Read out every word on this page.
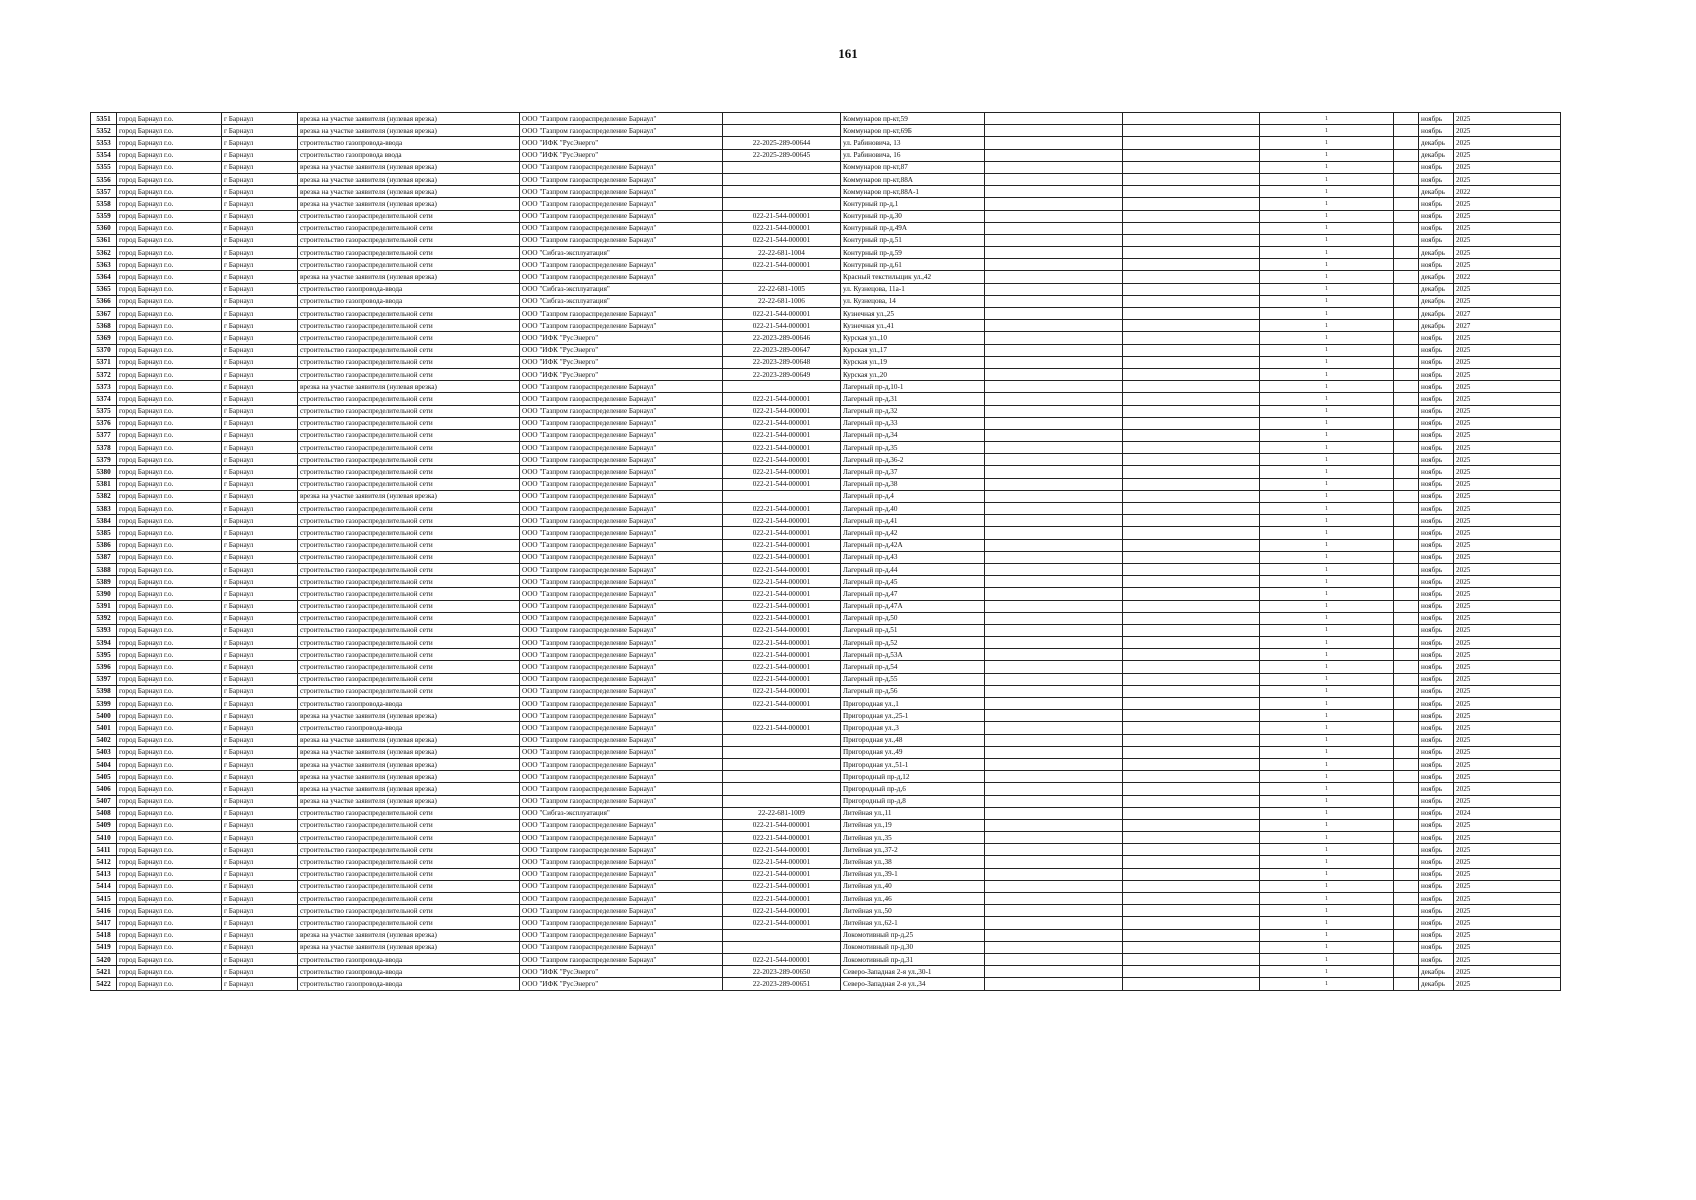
161
5351	город Барнаул г.о.	г Барнаул	врезка на участке заявителя (нулевая врезка)	ООО "Газпром газораспределение Барнаул"		Коммунаров пр-кт,59			1		ноябрь	2025
5352	город Барнаул г.о.	г Барнаул	врезка на участке заявителя (нулевая врезка)	ООО "Газпром газораспределение Барнаул"		Коммунаров пр-кт,69Б			1		ноябрь	2025
5353	город Барнаул г.о.	г Барнаул	строительство газопровода-ввода	ООО "ИФК "РусЭнерго"	22-2025-289-00644	ул. Рабиновича, 13			1		декабрь	2025
5354	город Барнаул г.о.	г Барнаул	строительство газопровода ввода	ООО "ИФК "РусЭнерго"	22-2025-289-00645	ул. Рабиновича, 16			1		декабрь	2025
5355	город Барнаул г.о.	г Барнаул	врезка на участке заявителя (нулевая врезка)	ООО "Газпром газораспределение Барнаул"		Коммунаров пр-кт,87			1		ноябрь	2025
5356	город Барнаул г.о.	г Барнаул	врезка на участке заявителя (нулевая врезка)	ООО "Газпром газораспределение Барнаул"		Коммунаров пр-кт,88А			1		ноябрь	2025
5357	город Барнаул г.о.	г Барнаул	врезка на участке заявителя (нулевая врезка)	ООО "Газпром газораспределение Барнаул"		Коммунаров пр-кт,88А-1			1		декабрь	2022
5358	город Барнаул г.о.	г Барнаул	врезка на участке заявителя (нулевая врезка)	ООО "Газпром газораспределение Барнаул"		Контурный пр-д,1			1		ноябрь	2025
5359	город Барнаул г.о.	г Барнаул	строительство газораспределительной сети	ООО "Газпром газораспределение Барнаул"	022-21-544-000001	Контурный пр-д,30			1		ноябрь	2025
5360	город Барнаул г.о.	г Барнаул	строительство газораспределительной сети	ООО "Газпром газораспределение Барнаул"	022-21-544-000001	Контурный пр-д,49А			1		ноябрь	2025
5361	город Барнаул г.о.	г Барнаул	строительство газораспределительной сети	ООО "Газпром газораспределение Барнаул"	022-21-544-000001	Контурный пр-д,51			1		ноябрь	2025
5362	город Барнаул г.о.	г Барнаул	строительство газораспределительной сети	ООО "Сибгаз-эксплуатация"	22-22-681-1004	Контурный пр-д,59			1		декабрь	2025
5363	город Барнаул г.о.	г Барнаул	строительство газораспределительной сети	ООО "Газпром газораспределение Барнаул"	022-21-544-000001	Контурный пр-д,61			1		ноябрь	2025
5364	город Барнаул г.о.	г Барнаул	врезка на участке заявителя (нулевая врезка)	ООО "Газпром газораспределение Барнаул"		Красный текстильщик ул.,42			1		декабрь	2022
5365	город Барнаул г.о.	г Барнаул	строительство газопровода-ввода	ООО "Сибгаз-эксплуатация"	22-22-681-1005	ул. Кузнецова, 11а-1			1		декабрь	2025
5366	город Барнаул г.о.	г Барнаул	строительство газопровода-ввода	ООО "Сибгаз-эксплуатация"	22-22-681-1006	ул. Кузнецова, 14			1		декабрь	2025
5367	город Барнаул г.о.	г Барнаул	строительство газораспределительной сети	ООО "Газпром газораспределение Барнаул"	022-21-544-000001	Кузнечная ул.,25			1		декабрь	2027
5368	город Барнаул г.о.	г Барнаул	строительство газораспределительной сети	ООО "Газпром газораспределение Барнаул"	022-21-544-000001	Кузнечная ул.,41			1		декабрь	2027
5369	город Барнаул г.о.	г Барнаул	строительство газораспределительной сети	ООО "ИФК "РусЭнерго"	22-2023-289-00646	Курская ул.,10			1		ноябрь	2025
5370	город Барнаул г.о.	г Барнаул	строительство газораспределительной сети	ООО "ИФК "РусЭнерго"	22-2023-289-00647	Курская ул.,17			1		ноябрь	2025
5371	город Барнаул г.о.	г Барнаул	строительство газораспределительной сети	ООО "ИФК "РусЭнерго"	22-2023-289-00648	Курская ул.,19			1		ноябрь	2025
5372	город Барнаул г.о.	г Барнаул	строительство газораспределительной сети	ООО "ИФК "РусЭнерго"	22-2023-289-00649	Курская ул.,20			1		ноябрь	2025
5373	город Барнаул г.о.	г Барнаул	врезка на участке заявителя (нулевая врезка)	ООО "Газпром газораспределение Барнаул"		Лагерный пр-д,10-1			1		ноябрь	2025
5374	город Барнаул г.о.	г Барнаул	строительство газораспределительной сети	ООО "Газпром газораспределение Барнаул"	022-21-544-000001	Лагерный пр-д,31			1		ноябрь	2025
5375	город Барнаул г.о.	г Барнаул	строительство газораспределительной сети	ООО "Газпром газораспределение Барнаул"	022-21-544-000001	Лагерный пр-д,32			1		ноябрь	2025
5376	город Барнаул г.о.	г Барнаул	строительство газораспределительной сети	ООО "Газпром газораспределение Барнаул"	022-21-544-000001	Лагерный пр-д,33			1		ноябрь	2025
5377	город Барнаул г.о.	г Барнаул	строительство газораспределительной сети	ООО "Газпром газораспределение Барнаул"	022-21-544-000001	Лагерный пр-д,34			1		ноябрь	2025
5378	город Барнаул г.о.	г Барнаул	строительство газораспределительной сети	ООО "Газпром газораспределение Барнаул"	022-21-544-000001	Лагерный пр-д,35			1		ноябрь	2025
5379	город Барнаул г.о.	г Барнаул	строительство газораспределительной сети	ООО "Газпром газораспределение Барнаул"	022-21-544-000001	Лагерный пр-д,36-2			1		ноябрь	2025
5380	город Барнаул г.о.	г Барнаул	строительство газораспределительной сети	ООО "Газпром газораспределение Барнаул"	022-21-544-000001	Лагерный пр-д,37			1		ноябрь	2025
5381	город Барнаул г.о.	г Барнаул	строительство газораспределительной сети	ООО "Газпром газораспределение Барнаул"	022-21-544-000001	Лагерный пр-д,38			1		ноябрь	2025
5382	город Барнаул г.о.	г Барнаул	врезка на участке заявителя (нулевая врезка)	ООО "Газпром газораспределение Барнаул"		Лагерный пр-д,4			1		ноябрь	2025
5383	город Барнаул г.о.	г Барнаул	строительство газораспределительной сети	ООО "Газпром газораспределение Барнаул"	022-21-544-000001	Лагерный пр-д,40			1		ноябрь	2025
5384	город Барнаул г.о.	г Барнаул	строительство газораспределительной сети	ООО "Газпром газораспределение Барнаул"	022-21-544-000001	Лагерный пр-д,41			1		ноябрь	2025
5385	город Барнаул г.о.	г Барнаул	строительство газораспределительной сети	ООО "Газпром газораспределение Барнаул"	022-21-544-000001	Лагерный пр-д,42			1		ноябрь	2025
5386	город Барнаул г.о.	г Барнаул	строительство газораспределительной сети	ООО "Газпром газораспределение Барнаул"	022-21-544-000001	Лагерный пр-д,42А			1		ноябрь	2025
5387	город Барнаул г.о.	г Барнаул	строительство газораспределительной сети	ООО "Газпром газораспределение Барнаул"	022-21-544-000001	Лагерный пр-д,43			1		ноябрь	2025
5388	город Барнаул г.о.	г Барнаул	строительство газораспределительной сети	ООО "Газпром газораспределение Барнаул"	022-21-544-000001	Лагерный пр-д,44			1		ноябрь	2025
5389	город Барнаул г.о.	г Барнаул	строительство газораспределительной сети	ООО "Газпром газораспределение Барнаул"	022-21-544-000001	Лагерный пр-д,45			1		ноябрь	2025
5390	город Барнаул г.о.	г Барнаул	строительство газораспределительной сети	ООО "Газпром газораспределение Барнаул"	022-21-544-000001	Лагерный пр-д,47			1		ноябрь	2025
5391	город Барнаул г.о.	г Барнаул	строительство газораспределительной сети	ООО "Газпром газораспределение Барнаул"	022-21-544-000001	Лагерный пр-д,47А			1		ноябрь	2025
5392	город Барнаул г.о.	г Барнаул	строительство газораспределительной сети	ООО "Газпром газораспределение Барнаул"	022-21-544-000001	Лагерный пр-д,50			1		ноябрь	2025
5393	город Барнаул г.о.	г Барнаул	строительство газораспределительной сети	ООО "Газпром газораспределение Барнаул"	022-21-544-000001	Лагерный пр-д,51			1		ноябрь	2025
5394	город Барнаул г.о.	г Барнаул	строительство газораспределительной сети	ООО "Газпром газораспределение Барнаул"	022-21-544-000001	Лагерный пр-д,52			1		ноябрь	2025
5395	город Барнаул г.о.	г Барнаул	строительство газораспределительной сети	ООО "Газпром газораспределение Барнаул"	022-21-544-000001	Лагерный пр-д,53А			1		ноябрь	2025
5396	город Барнаул г.о.	г Барнаул	строительство газораспределительной сети	ООО "Газпром газораспределение Барнаул"	022-21-544-000001	Лагерный пр-д,54			1		ноябрь	2025
5397	город Барнаул г.о.	г Барнаул	строительство газораспределительной сети	ООО "Газпром газораспределение Барнаул"	022-21-544-000001	Лагерный пр-д,55			1		ноябрь	2025
5398	город Барнаул г.о.	г Барнаул	строительство газораспределительной сети	ООО "Газпром газораспределение Барнаул"	022-21-544-000001	Лагерный пр-д,56			1		ноябрь	2025
5399	город Барнаул г.о.	г Барнаул	строительство газопровода-ввода	ООО "Газпром газораспределение Барнаул"	022-21-544-000001	Пригородная ул.,1			1		ноябрь	2025
5400	город Барнаул г.о.	г Барнаул	врезка на участке заявителя (нулевая врезка)	ООО "Газпром газораспределение Барнаул"		Пригородная ул.,25-1			1		ноябрь	2025
5401	город Барнаул г.о.	г Барнаул	строительство газопровода-ввода	ООО "Газпром газораспределение Барнаул"	022-21-544-000001	Пригородная ул.,3			1		ноябрь	2025
5402	город Барнаул г.о.	г Барнаул	врезка на участке заявителя (нулевая врезка)	ООО "Газпром газораспределение Барнаул"		Пригородная ул.,48			1		ноябрь	2025
5403	город Барнаул г.о.	г Барнаул	врезка на участке заявителя (нулевая врезка)	ООО "Газпром газораспределение Барнаул"		Пригородная ул.,49			1		ноябрь	2025
5404	город Барнаул г.о.	г Барнаул	врезка на участке заявителя (нулевая врезка)	ООО "Газпром газораспределение Барнаул"		Пригородная ул.,51-1			1		ноябрь	2025
5405	город Барнаул г.о.	г Барнаул	врезка на участке заявителя (нулевая врезка)	ООО "Газпром газораспределение Барнаул"		Пригородный пр-д,12			1		ноябрь	2025
5406	город Барнаул г.о.	г Барнаул	врезка на участке заявителя (нулевая врезка)	ООО "Газпром газораспределение Барнаул"		Пригородный пр-д,6			1		ноябрь	2025
5407	город Барнаул г.о.	г Барнаул	врезка на участке заявителя (нулевая врезка)	ООО "Газпром газораспределение Барнаул"		Пригородный пр-д,8			1		ноябрь	2025
5408	город Барнаул г.о.	г Барнаул	строительство газораспределительной сети	ООО "Сибгаз-эксплуатация"	22-22-681-1009	Литейная ул.,11			1		ноябрь	2024
5409	город Барнаул г.о.	г Барнаул	строительство газораспределительной сети	ООО "Газпром газораспределение Барнаул"	022-21-544-000001	Литейная ул.,19			1		ноябрь	2025
5410	город Барнаул г.о.	г Барнаул	строительство газораспределительной сети	ООО "Газпром газораспределение Барнаул"	022-21-544-000001	Литейная ул.,35			1		ноябрь	2025
5411	город Барнаул г.о.	г Барнаул	строительство газораспределительной сети	ООО "Газпром газораспределение Барнаул"	022-21-544-000001	Литейная ул.,37-2			1		ноябрь	2025
5412	город Барнаул г.о.	г Барнаул	строительство газораспределительной сети	ООО "Газпром газораспределение Барнаул"	022-21-544-000001	Литейная ул.,38			1		ноябрь	2025
5413	город Барнаул г.о.	г Барнаул	строительство газораспределительной сети	ООО "Газпром газораспределение Барнаул"	022-21-544-000001	Литейная ул.,39-1			1		ноябрь	2025
5414	город Барнаул г.о.	г Барнаул	строительство газораспределительной сети	ООО "Газпром газораспределение Барнаул"	022-21-544-000001	Литейная ул.,40			1		ноябрь	2025
5415	город Барнаул г.о.	г Барнаул	строительство газораспределительной сети	ООО "Газпром газораспределение Барнаул"	022-21-544-000001	Литейная ул.,46			1		ноябрь	2025
5416	город Барнаул г.о.	г Барнаул	строительство газораспределительной сети	ООО "Газпром газораспределение Барнаул"	022-21-544-000001	Литейная ул.,50			1		ноябрь	2025
5417	город Барнаул г.о.	г Барнаул	строительство газораспределительной сети	ООО "Газпром газораспределение Барнаул"	022-21-544-000001	Литейная ул.,62-1			1		ноябрь	2025
5418	город Барнаул г.о.	г Барнаул	врезка на участке заявителя (нулевая врезка)	ООО "Газпром газораспределение Барнаул"		Локомотивный пр-д,25			1		ноябрь	2025
5419	город Барнаул г.о.	г Барнаул	врезка на участке заявителя (нулевая врезка)	ООО "Газпром газораспределение Барнаул"		Локомотивный пр-д,30			1		ноябрь	2025
5420	город Барнаул г.о.	г Барнаул	строительство газопровода-ввода	ООО "Газпром газораспределение Барнаул"	022-21-544-000001	Локомотивный пр-д,31			1		ноябрь	2025
5421	город Барнаул г.о.	г Барнаул	строительство газопровода-ввода	ООО "ИФК "РусЭнерго"	22-2023-289-00650	Северо-Западная 2-я ул.,30-1			1		декабрь	2025
5422	город Барнаул г.о.	г Барнаул	строительство газопровода-ввода	ООО "ИФК "РусЭнерго"	22-2023-289-00651	Северо-Западная 2-я ул.,34			1		декабрь	2025
